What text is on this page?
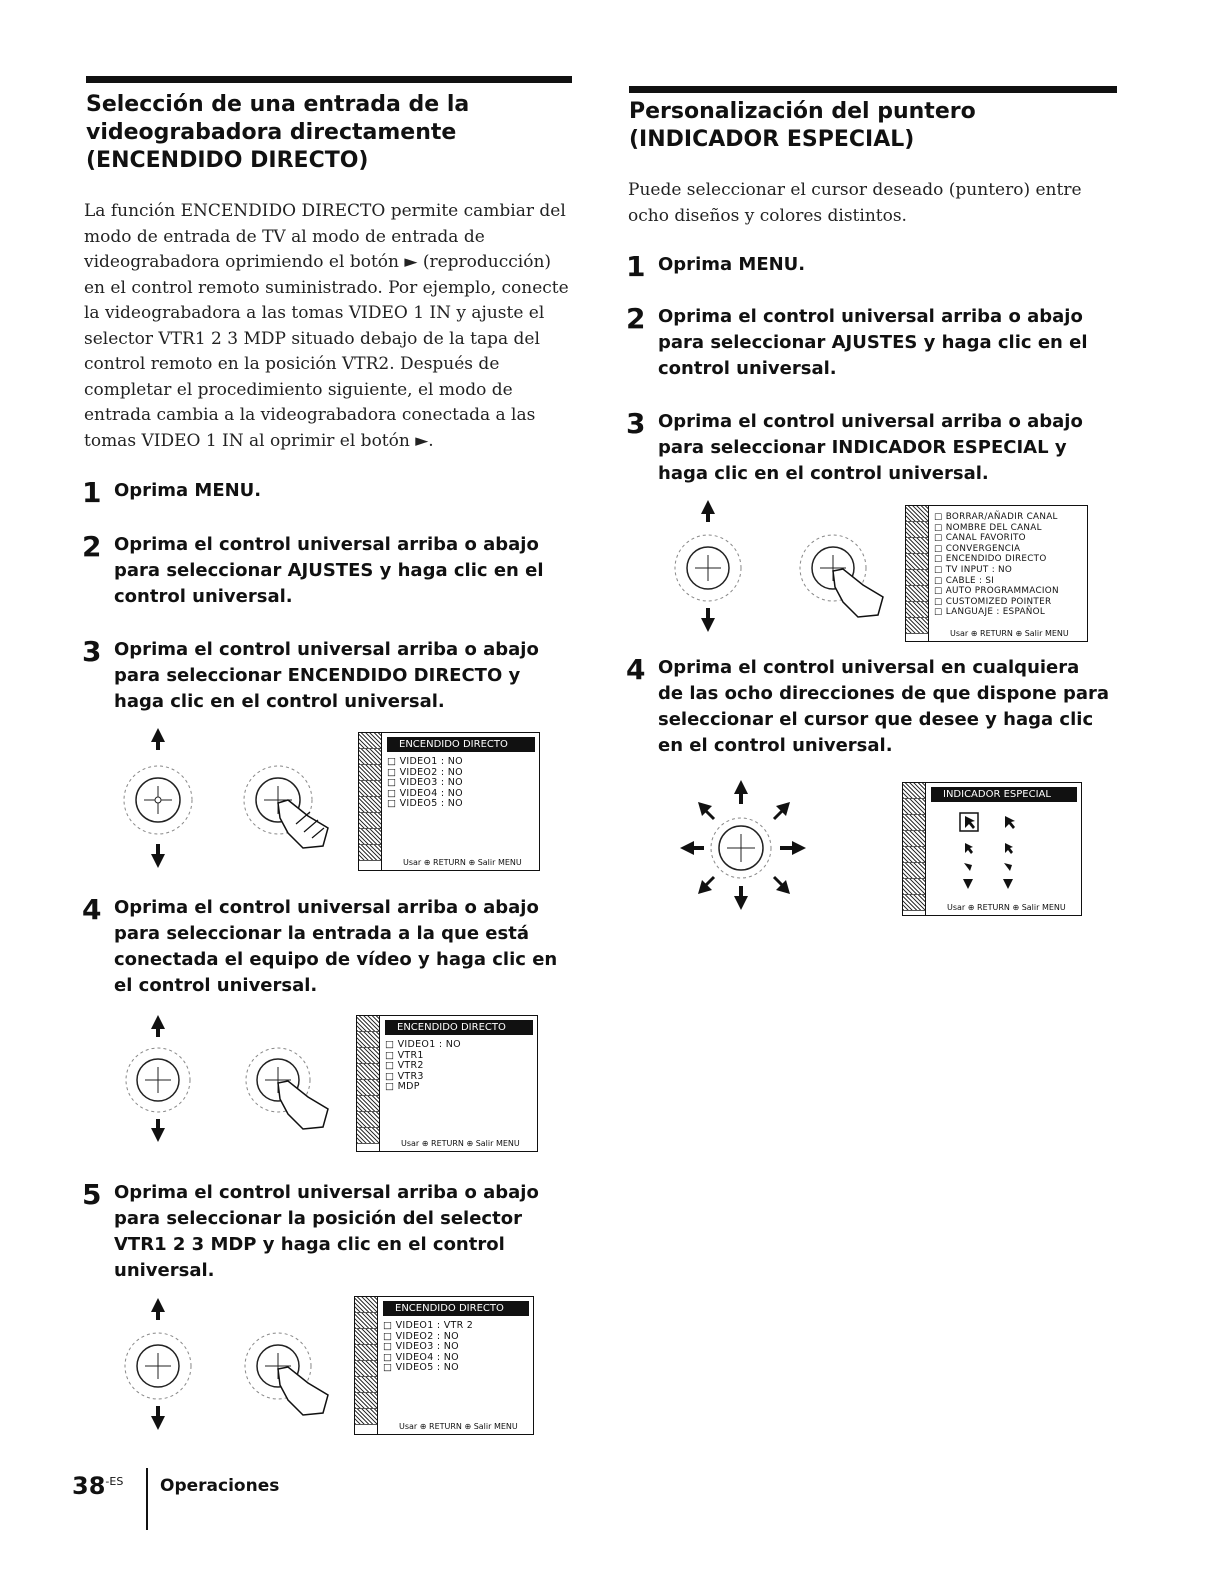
Selección de una entrada de la
videograbadora directamente
(ENCENDIDO DIRECTO)

La función ENCENDIDO DIRECTO permite cambiar del
modo de entrada de TV al modo de entrada de
videograbadora oprimiendo el botón ► (reproducción)
en el control remoto suministrado. Por ejemplo, conecte
la videograbadora a las tomas VIDEO 1 IN y ajuste el
selector VTR1 2 3 MDP situado debajo de la tapa del
control remoto en la posición VTR2. Después de
completar el procedimiento siguiente, el modo de
entrada cambia a la videograbadora conectada a las
tomas VIDEO 1 IN al oprimir el botón ►.

1 Oprima MENU.

2 Oprima el control universal arriba o abajo
para seleccionar AJUSTES y haga clic en el
control universal.

3 Oprima el control universal arriba o abajo
para seleccionar ENCENDIDO DIRECTO y
haga clic en el control universal.

4 Oprima el control universal arriba o abajo
para seleccionar la entrada a la que está
conectada el equipo de vídeo y haga clic en
el control universal.

5 Oprima el control universal arriba o abajo
para seleccionar la posición del selector
VTR1 2 3 MDP y haga clic en el control
universal.

ENCENDIDO DIRECTO
□ VIDEO1 : NO
□ VIDEO2 : NO
□ VIDEO3 : NO
□ VIDEO4 : NO
□ VIDEO5 : NO
Usar ⊕ RETURN ⊕ Salir MENU
ENCENDIDO DIRECTO
□ VIDEO1 : NO
□ VTR1
□ VTR2
□ VTR3
□ MDP
Usar ⊕ RETURN ⊕ Salir MENU
ENCENDIDO DIRECTO
□ VIDEO1 : VTR 2
□ VIDEO2 : NO
□ VIDEO3 : NO
□ VIDEO4 : NO
□ VIDEO5 : NO
Usar ⊕ RETURN ⊕ Salir MENU
Personalización del puntero
(INDICADOR ESPECIAL)

Puede seleccionar el cursor deseado (puntero) entre
ocho diseños y colores distintos.

1 Oprima MENU.

2 Oprima el control universal arriba o abajo
para seleccionar AJUSTES y haga clic en el
control universal.

3 Oprima el control universal arriba o abajo
para seleccionar INDICADOR ESPECIAL y
haga clic en el control universal.

4 Oprima el control universal en cualquiera
de las ocho direcciones de que dispone para
seleccionar el cursor que desee y haga clic
en el control universal.

□ BORRAR/AÑADIR CANAL
□ NOMBRE DEL CANAL
□ CANAL FAVORITO
□ CONVERGENCIA
□ ENCENDIDO DIRECTO
□ TV INPUT : NO
□ CABLE : SI
□ AUTO PROGRAMMACION
□ CUSTOMIZED POINTER
□ LANGUAJE : ESPAÑOL
Usar ⊕ RETURN ⊕ Salir MENU
INDICADOR ESPECIAL
Usar ⊕ RETURN ⊕ Salir MENU
$38^{-ES}$ Operaciones
